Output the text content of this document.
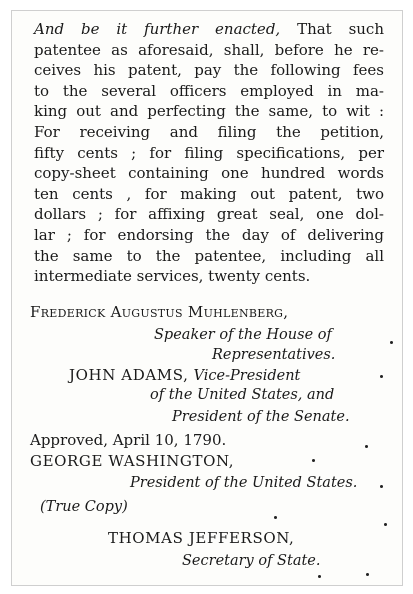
And be it further enacted, That such
patentee as aforesaid, shall, before he re-
ceives his patent, pay the following fees
to the several officers employed in ma-
king out and perfecting the same, to wit :
For receiving and filing the petition,
fifty cents ; for filing specifications, per
copy-sheet containing one hundred words
ten cents , for making out patent, two
dollars ; for affixing great seal, one dol-
lar ; for endorsing the day of delivering
the same to the patentee, including all
intermediate services, twenty cents.
Frederick Augustus Muhlenberg,
Speaker of the House of
Representatives.
JOHN ADAMS, Vice-President
of the United States, and
President of the Senate.
Approved, April 10, 1790.
GEORGE WASHINGTON,
President of the United States.
(True Copy)
THOMAS JEFFERSON,
Secretary of State.
